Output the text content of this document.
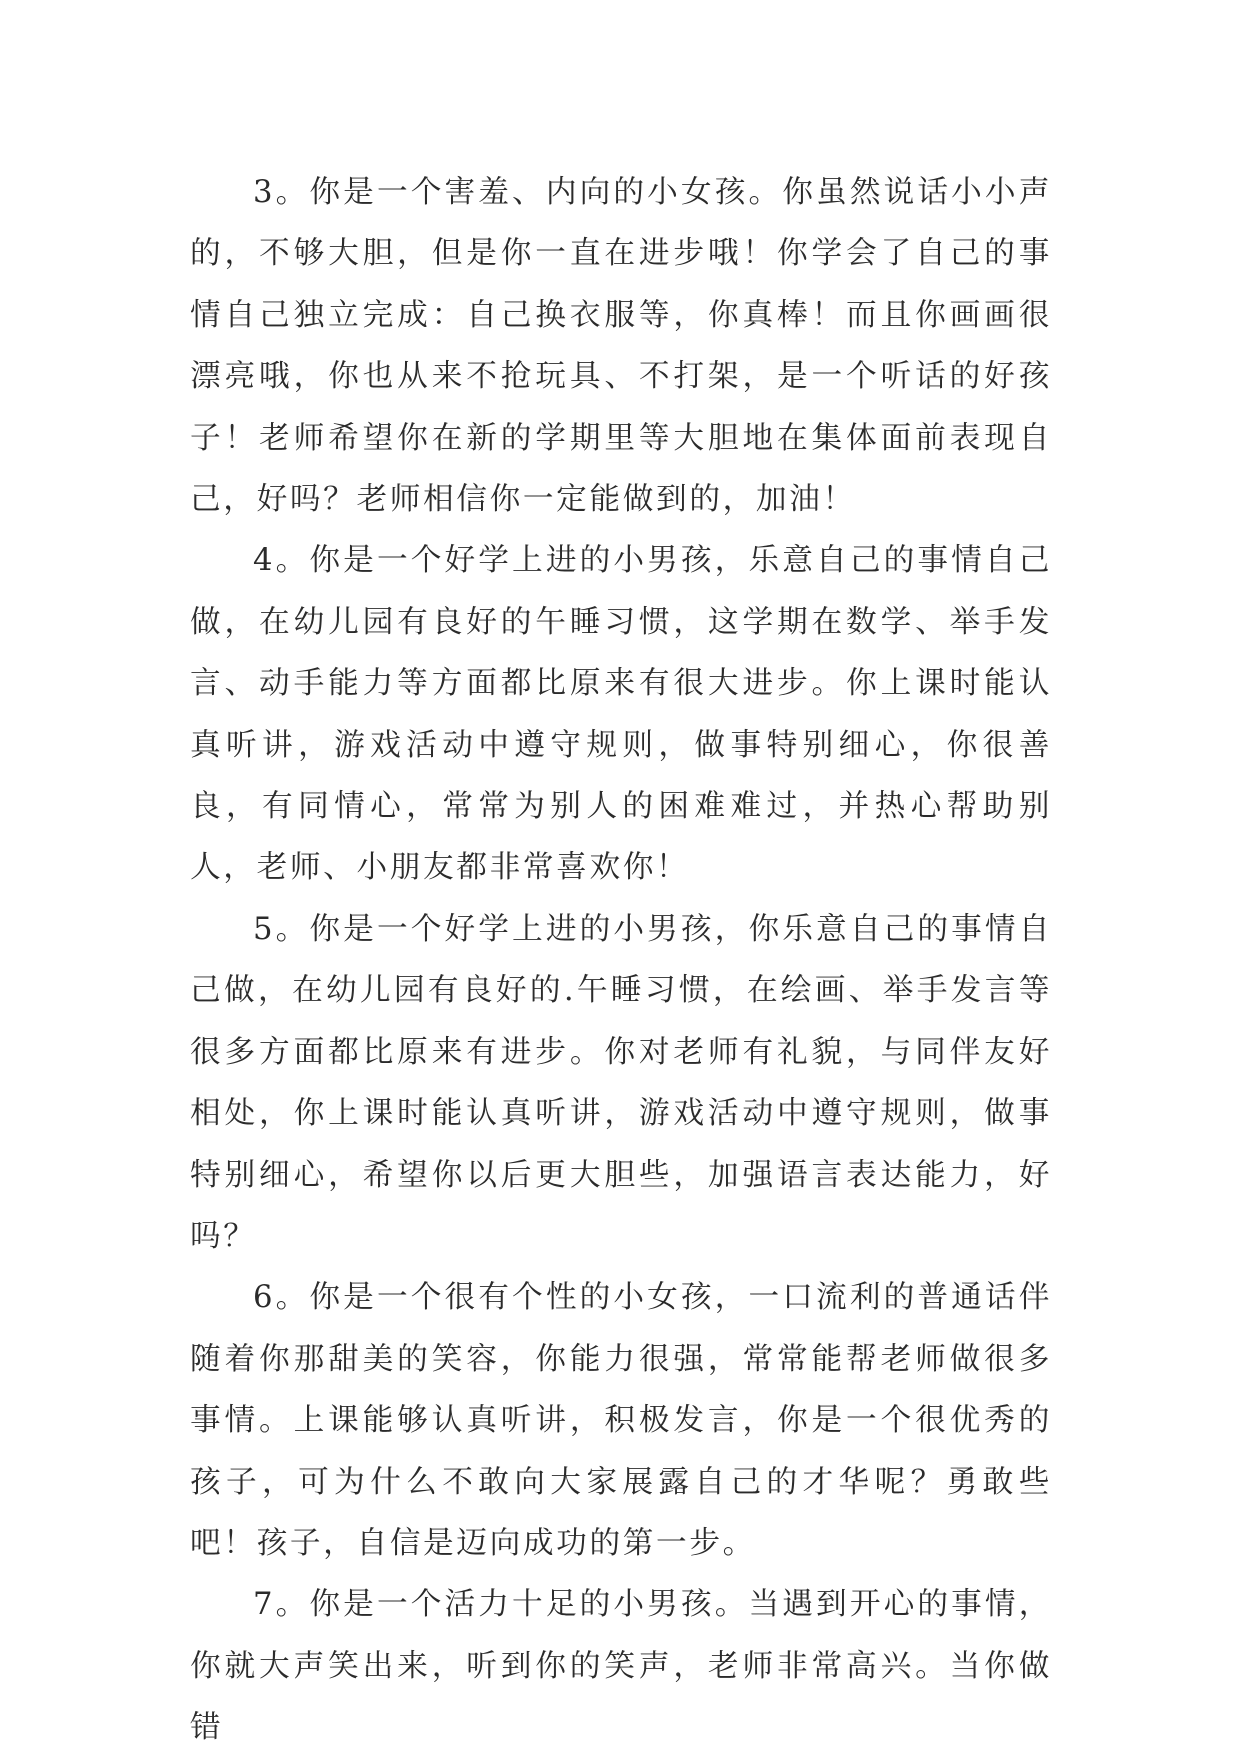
3。你是一个害羞、内向的小女孩。你虽然说话小小声的，不够大胆，但是你一直在进步哦！你学会了自己的事情自己独立完成：自己换衣服等，你真棒！而且你画画很漂亮哦，你也从来不抢玩具、不打架，是一个听话的好孩子！老师希望你在新的学期里等大胆地在集体面前表现自己，好吗？老师相信你一定能做到的，加油！

4。你是一个好学上进的小男孩，乐意自己的事情自己做，在幼儿园有良好的午睡习惯，这学期在数学、举手发言、动手能力等方面都比原来有很大进步。你上课时能认真听讲，游戏活动中遵守规则，做事特别细心，你很善良，有同情心，常常为别人的困难难过，并热心帮助别人，老师、小朋友都非常喜欢你！

5。你是一个好学上进的小男孩，你乐意自己的事情自己做，在幼儿园有良好的.午睡习惯，在绘画、举手发言等很多方面都比原来有进步。你对老师有礼貌，与同伴友好相处，你上课时能认真听讲，游戏活动中遵守规则，做事特别细心，希望你以后更大胆些，加强语言表达能力，好吗？

6。你是一个很有个性的小女孩，一口流利的普通话伴随着你那甜美的笑容，你能力很强，常常能帮老师做很多事情。上课能够认真听讲，积极发言，你是一个很优秀的孩子，可为什么不敢向大家展露自己的才华呢？勇敢些吧！孩子，自信是迈向成功的第一步。

7。你是一个活力十足的小男孩。当遇到开心的事情，你就大声笑出来，听到你的笑声，老师非常高兴。当你做错
